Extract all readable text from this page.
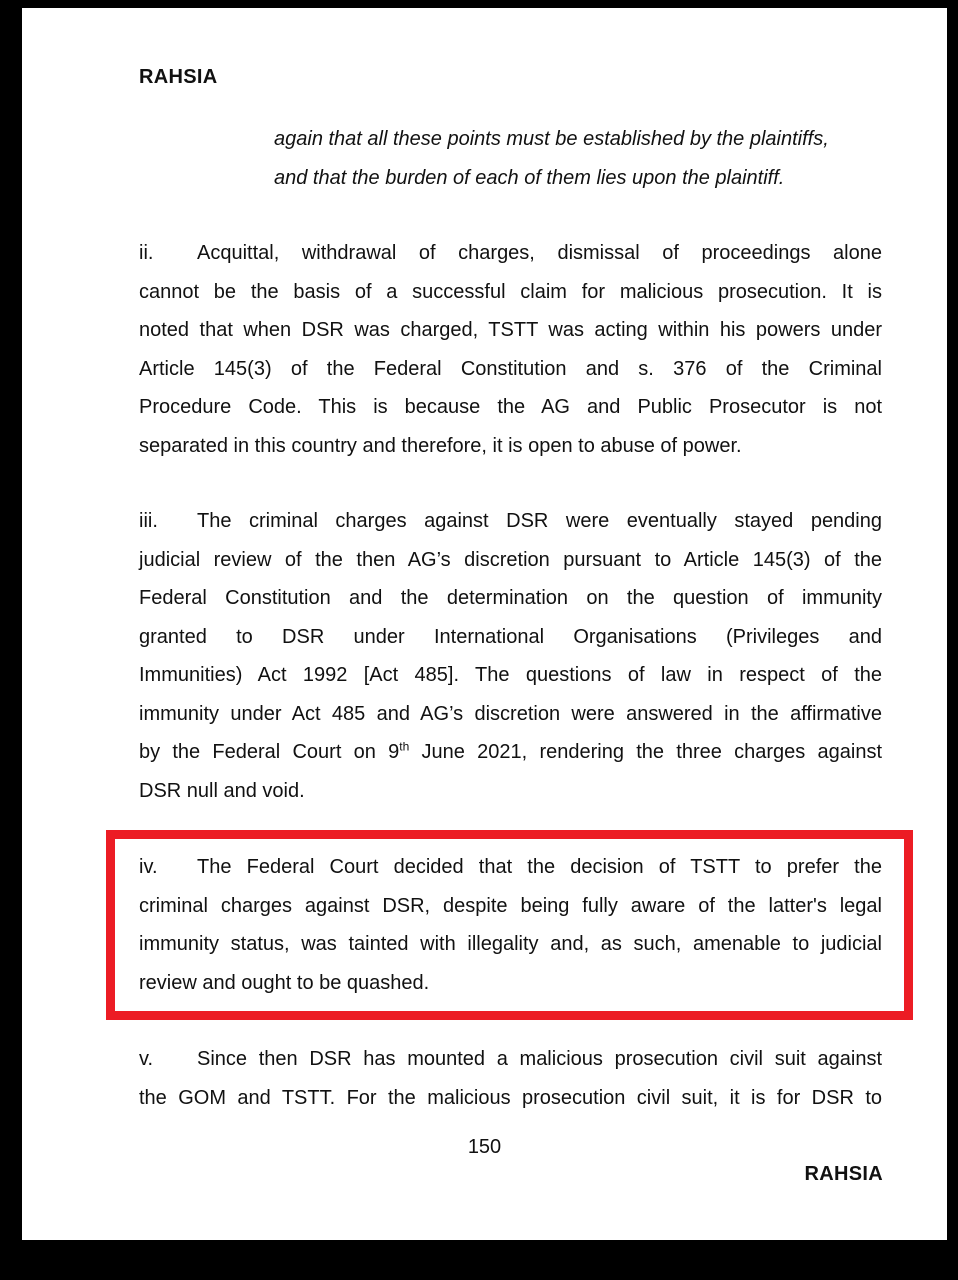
RAHSIA
again that all these points must be established by the plaintiffs,
and that the burden of each of them lies upon the plaintiff.
ii. Acquittal, withdrawal of charges, dismissal of proceedings alone
cannot be the basis of a successful claim for malicious prosecution. It is
noted that when DSR was charged, TSTT was acting within his powers under
Article 145(3) of the Federal Constitution and s. 376 of the Criminal
Procedure Code. This is because the AG and Public Prosecutor is not
separated in this country and therefore, it is open to abuse of power.
iii. The criminal charges against DSR were eventually stayed pending
judicial review of the then AG’s discretion pursuant to Article 145(3) of the
Federal Constitution and the determination on the question of immunity
granted to DSR under International Organisations (Privileges and
Immunities) Act 1992 [Act 485]. The questions of law in respect of the
immunity under Act 485 and AG’s discretion were answered in the affirmative
by the Federal Court on 9th June 2021, rendering the three charges against
DSR null and void.
iv. The Federal Court decided that the decision of TSTT to prefer the
criminal charges against DSR, despite being fully aware of the latter's legal
immunity status, was tainted with illegality and, as such, amenable to judicial
review and ought to be quashed.
v. Since then DSR has mounted a malicious prosecution civil suit against
the GOM and TSTT. For the malicious prosecution civil suit, it is for DSR to
150
RAHSIA
